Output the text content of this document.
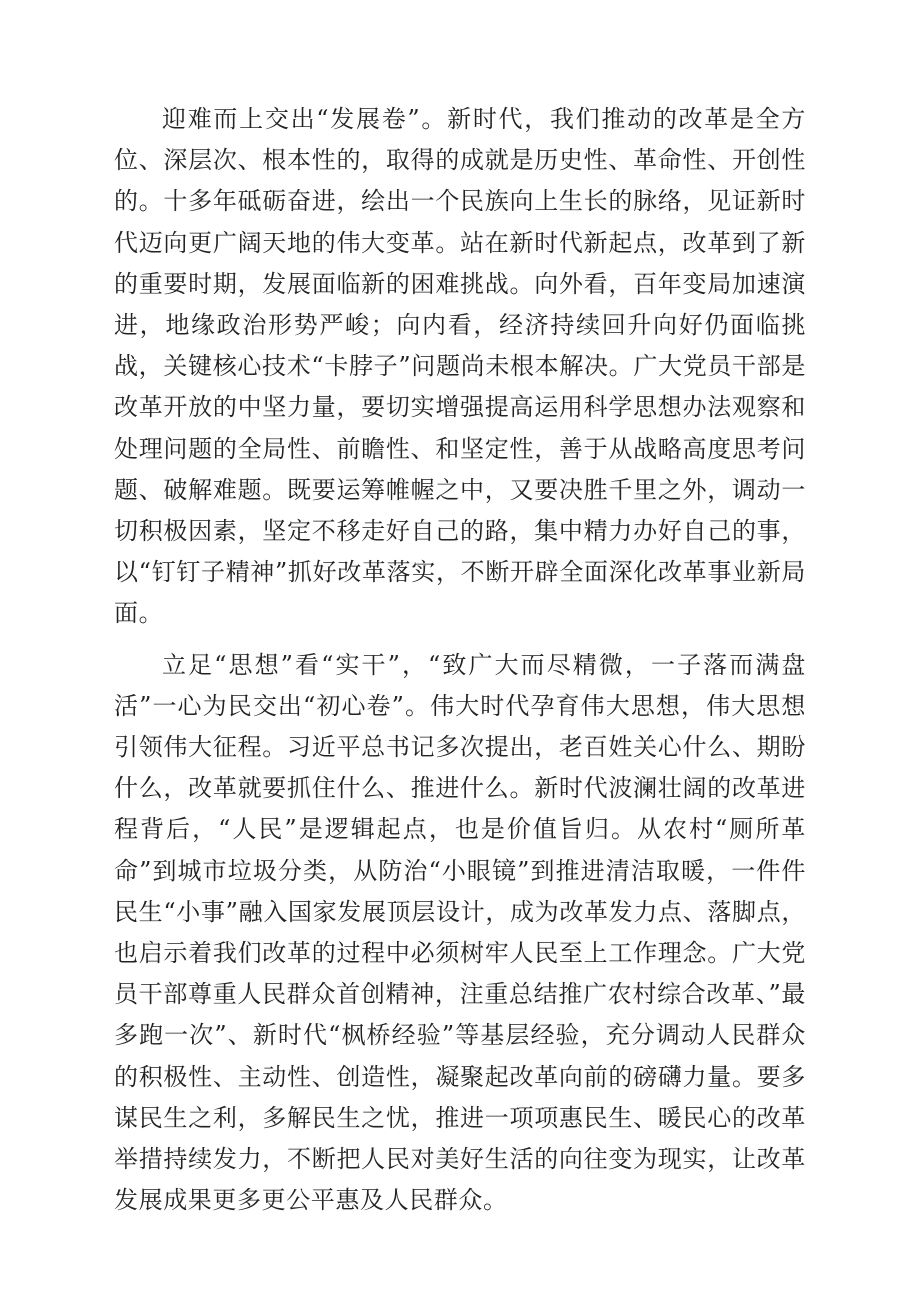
迎难而上交出“发展卷”。新时代，我们推动的改革是全方位、深层次、根本性的，取得的成就是历史性、革命性、开创性的。十多年砥砺奋进，绘出一个民族向上生长的脉络，见证新时代迈向更广阔天地的伟大变革。站在新时代新起点，改革到了新的重要时期，发展面临新的困难挑战。向外看，百年变局加速演进，地缘政治形势严峻；向内看，经济持续回升向好仍面临挑战，关键核心技术“卡脖子”问题尚未根本解决。广大党员干部是改革开放的中坚力量，要切实增强提高运用科学思想办法观察和处理问题的全局性、前瞻性、和坚定性，善于从战略高度思考问题、破解难题。既要运筹帷幄之中，又要决胜千里之外，调动一切积极因素，坚定不移走好自己的路，集中精力办好自己的事，以“钉钉子精神”抓好改革落实，不断开辟全面深化改革事业新局面。

立足“思想”看“实干”，“致广大而尽精微，一子落而满盘活”一心为民交出“初心卷”。伟大时代孕育伟大思想，伟大思想引领伟大征程。习近平总书记多次提出，老百姓关心什么、期盼什么，改革就要抓住什么、推进什么。新时代波澜壮阔的改革进程背后，“人民”是逻辑起点，也是价值旨归。从农村“厕所革命”到城市垃圾分类，从防治“小眼镜”到推进清洁取暖，一件件民生“小事”融入国家发展顶层设计，成为改革发力点、落脚点，也启示着我们改革的过程中必须树牢人民至上工作理念。广大党员干部尊重人民群众首创精神，注重总结推广农村综合改革、”最多跑一次”、新时代“枫桥经验”等基层经验，充分调动人民群众的积极性、主动性、创造性，凝聚起改革向前的磅礴力量。要多谋民生之利，多解民生之忧，推进一项项惠民生、暖民心的改革举措持续发力，不断把人民对美好生活的向往变为现实，让改革发展成果更多更公平惠及人民群众。
